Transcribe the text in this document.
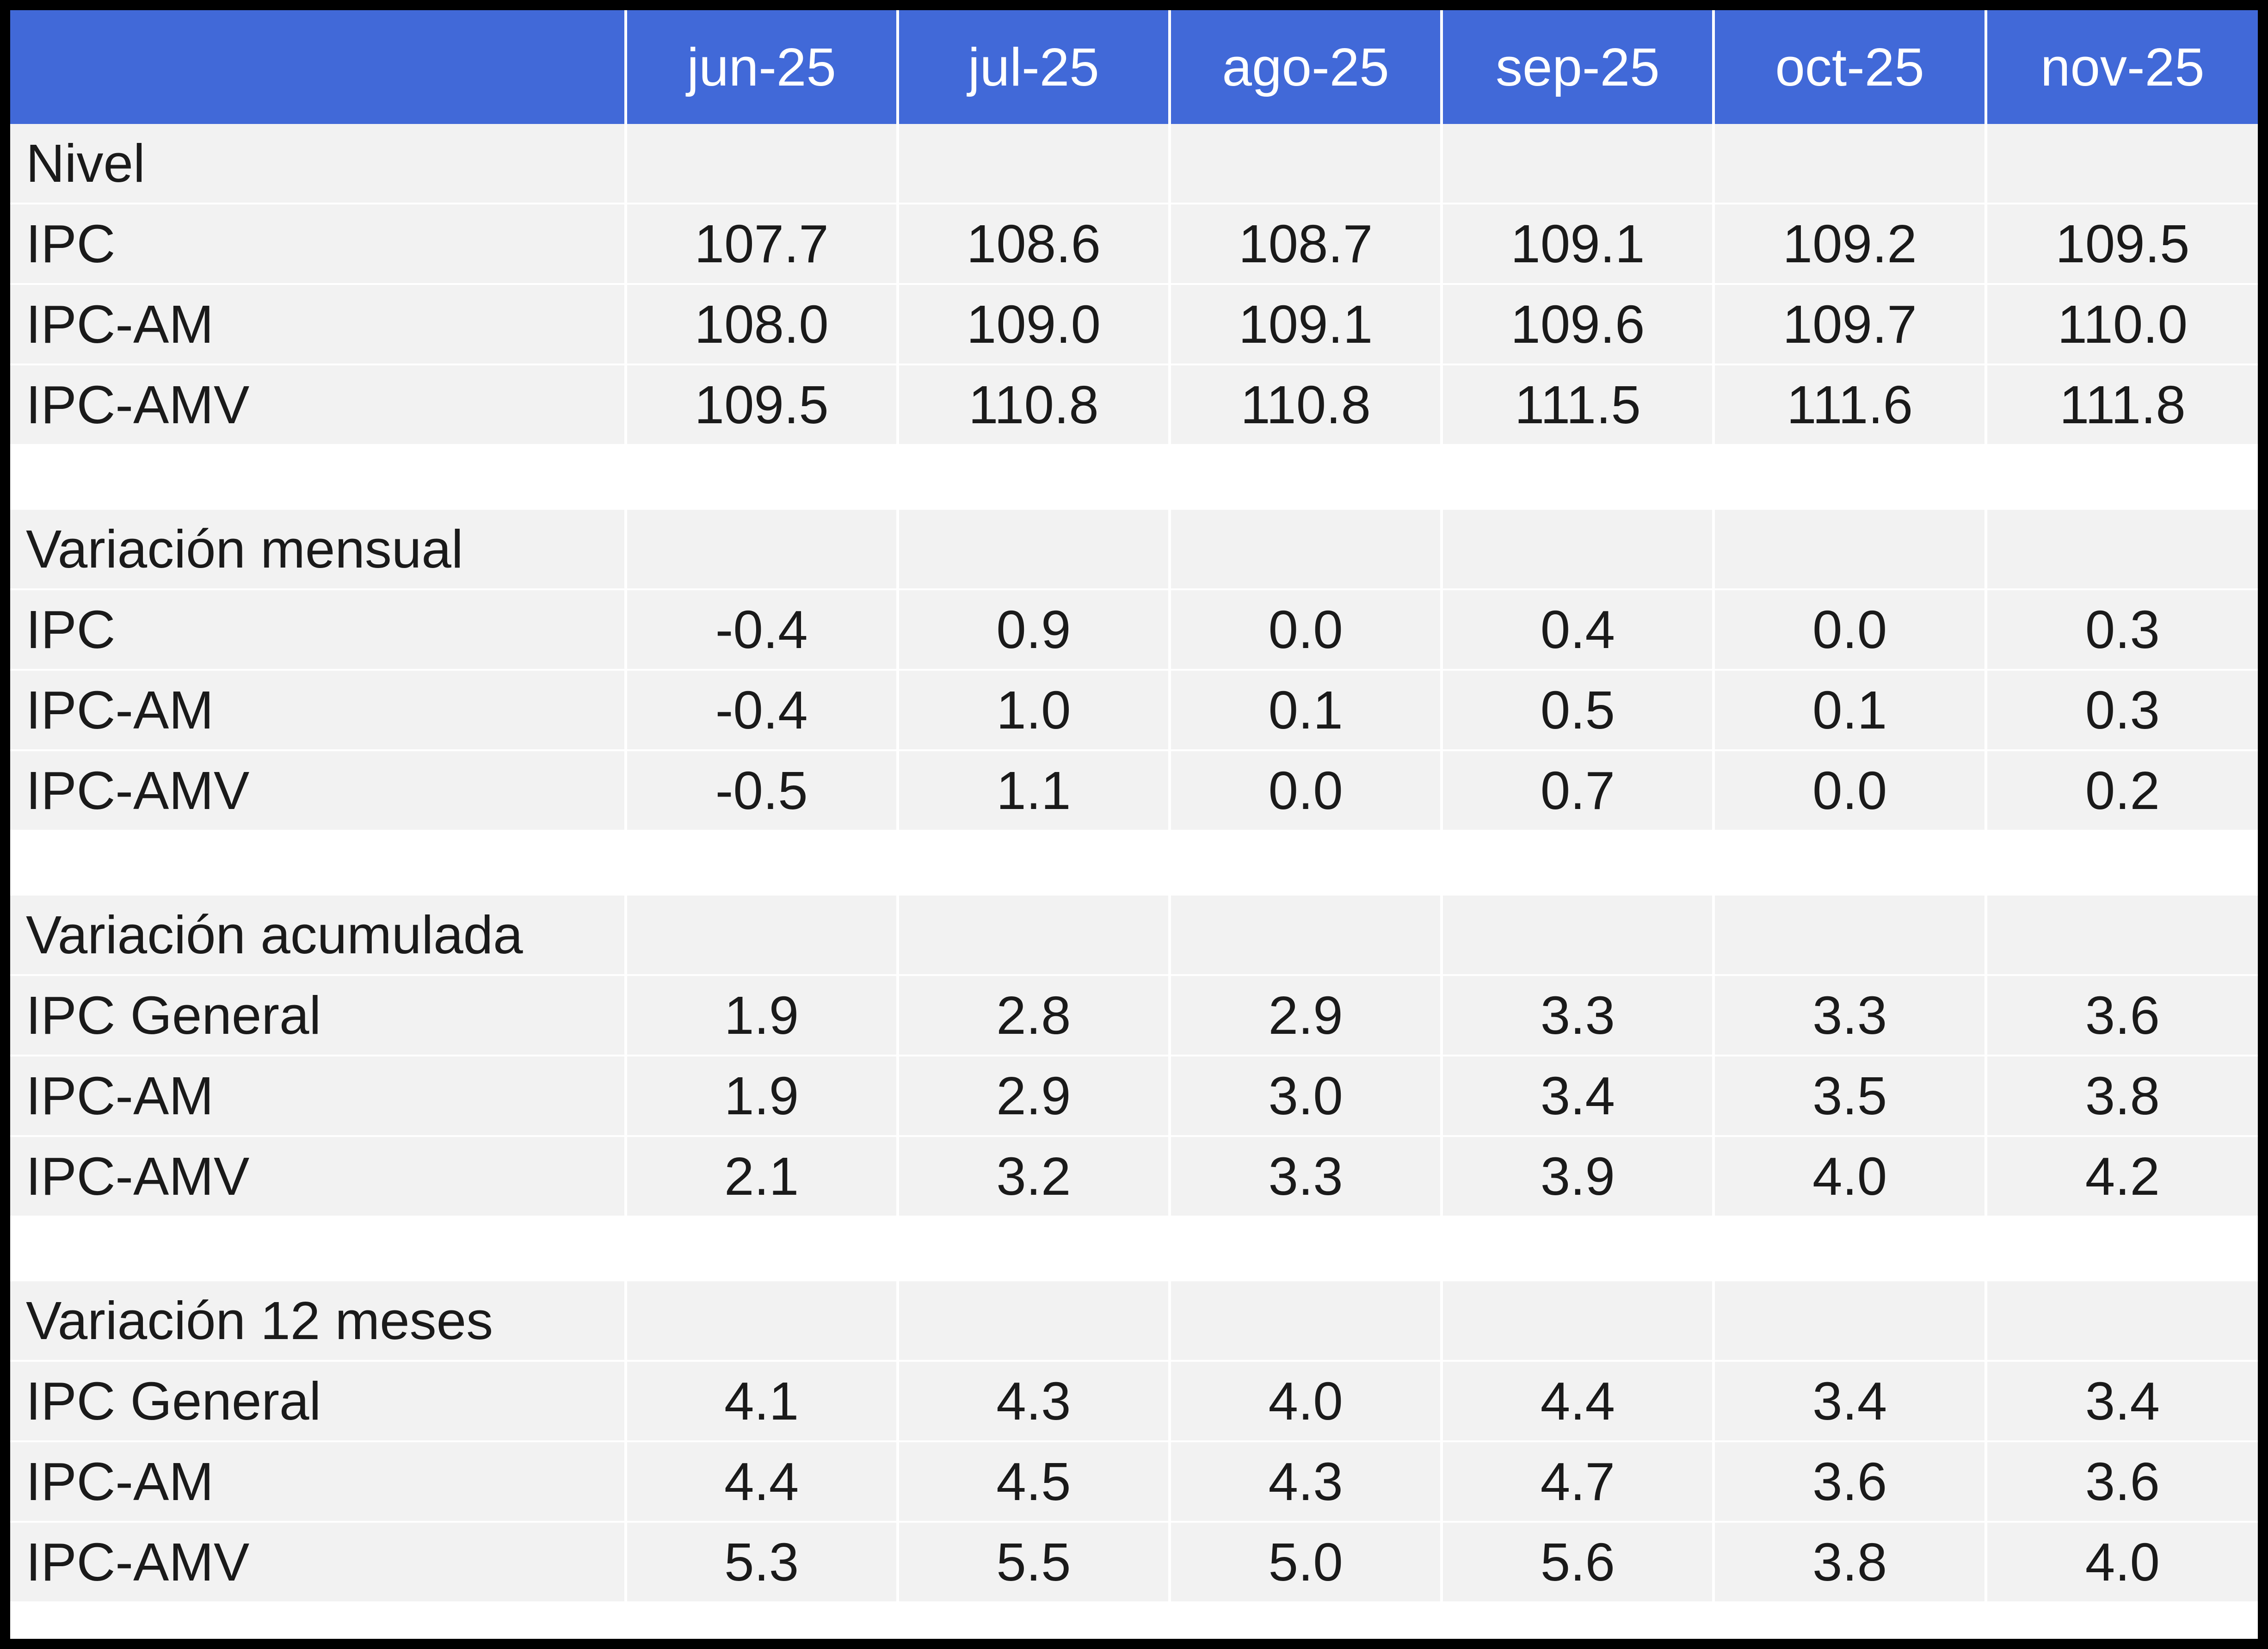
	jun-25	jul-25	ago-25	sep-25	oct-25	nov-25
Nivel						
IPC	107.7	108.6	108.7	109.1	109.2	109.5
IPC-AM	108.0	109.0	109.1	109.6	109.7	110.0
IPC-AMV	109.5	110.8	110.8	111.5	111.6	111.8

Variación mensual						
IPC	-0.4	0.9	0.0	0.4	0.0	0.3
IPC-AM	-0.4	1.0	0.1	0.5	0.1	0.3
IPC-AMV	-0.5	1.1	0.0	0.7	0.0	0.2

Variación acumulada						
IPC General	1.9	2.8	2.9	3.3	3.3	3.6
IPC-AM	1.9	2.9	3.0	3.4	3.5	3.8
IPC-AMV	2.1	3.2	3.3	3.9	4.0	4.2

Variación 12 meses						
IPC General	4.1	4.3	4.0	4.4	3.4	3.4
IPC-AM	4.4	4.5	4.3	4.7	3.6	3.6
IPC-AMV	5.3	5.5	5.0	5.6	3.8	4.0
